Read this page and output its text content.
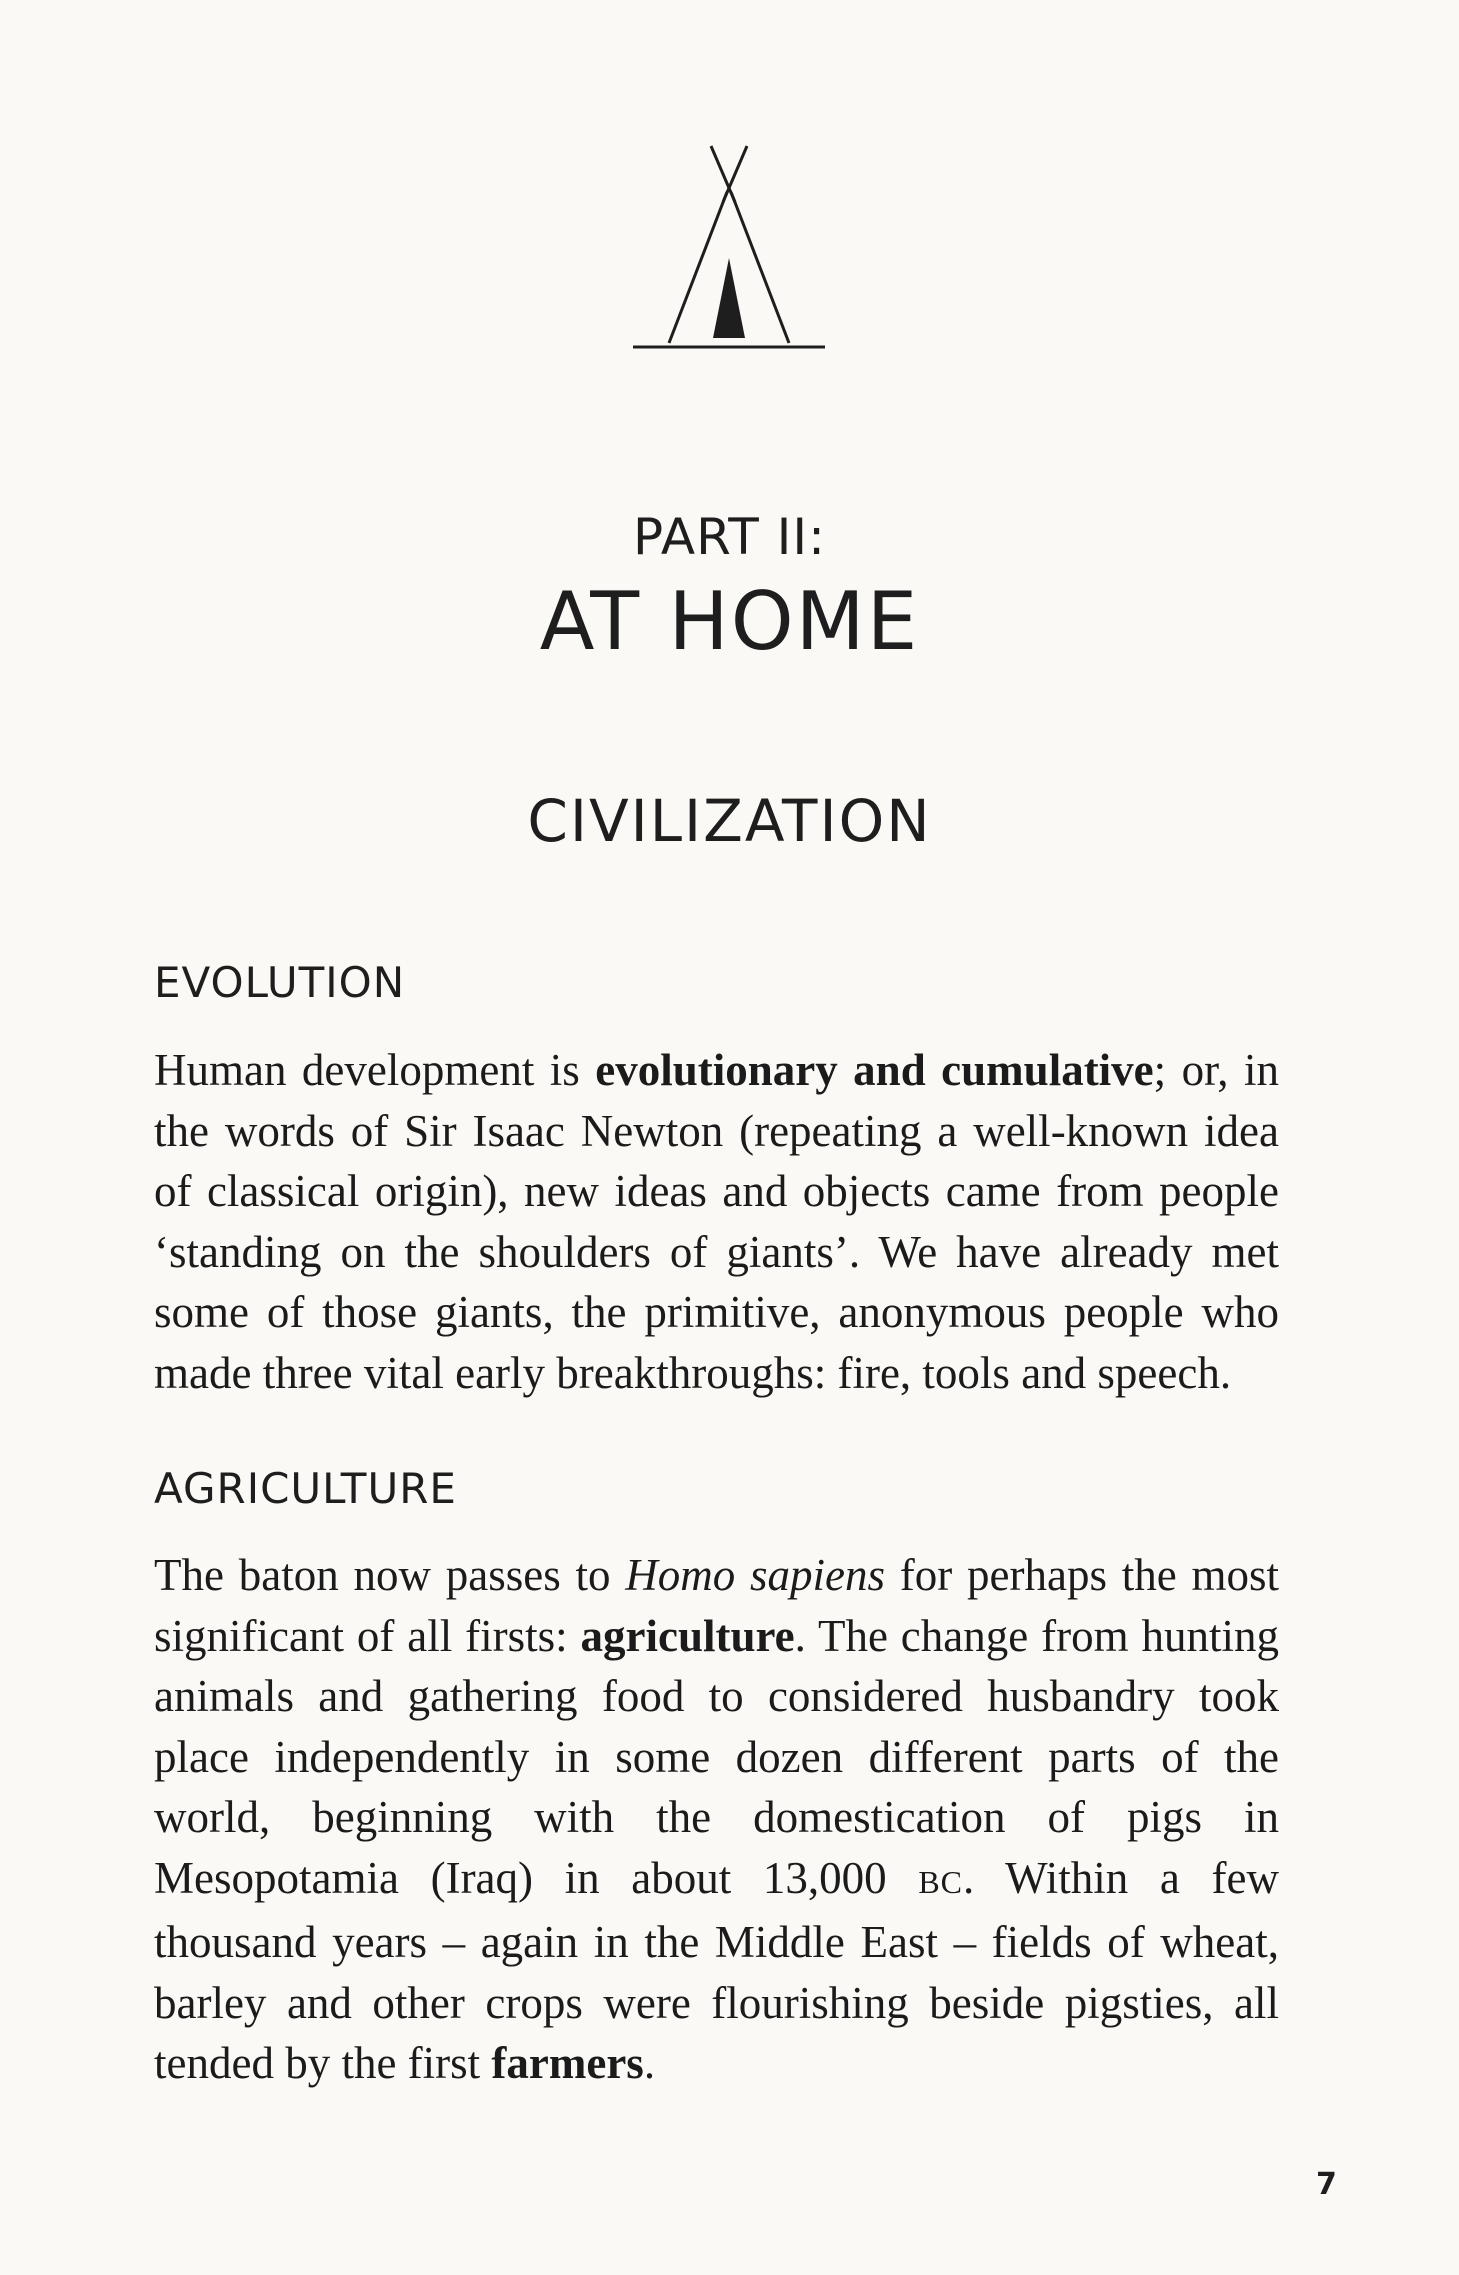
PART II:
AT HOME
CIVILIZATION
EVOLUTION

Human development is evolutionary and cumulative; or, in the words of Sir Isaac Newton (repeating a well-known idea of classical origin), new ideas and objects came from people ‘standing on the shoulders of giants’. We have already met some of those giants, the primitive, anonymous people who made three vital early breakthroughs: fire, tools and speech.

AGRICULTURE

The baton now passes to Homo sapiens for perhaps the most significant of all firsts: agriculture. The change from hunting animals and gathering food to considered husbandry took place independently in some dozen different parts of the world, beginning with the domestication of pigs in Mesopotamia (Iraq) in about 13,000 BC. Within a few thousand years – again in the Middle East – fields of wheat, barley and other crops were flourishing beside pigsties, all tended by the first farmers.

7
